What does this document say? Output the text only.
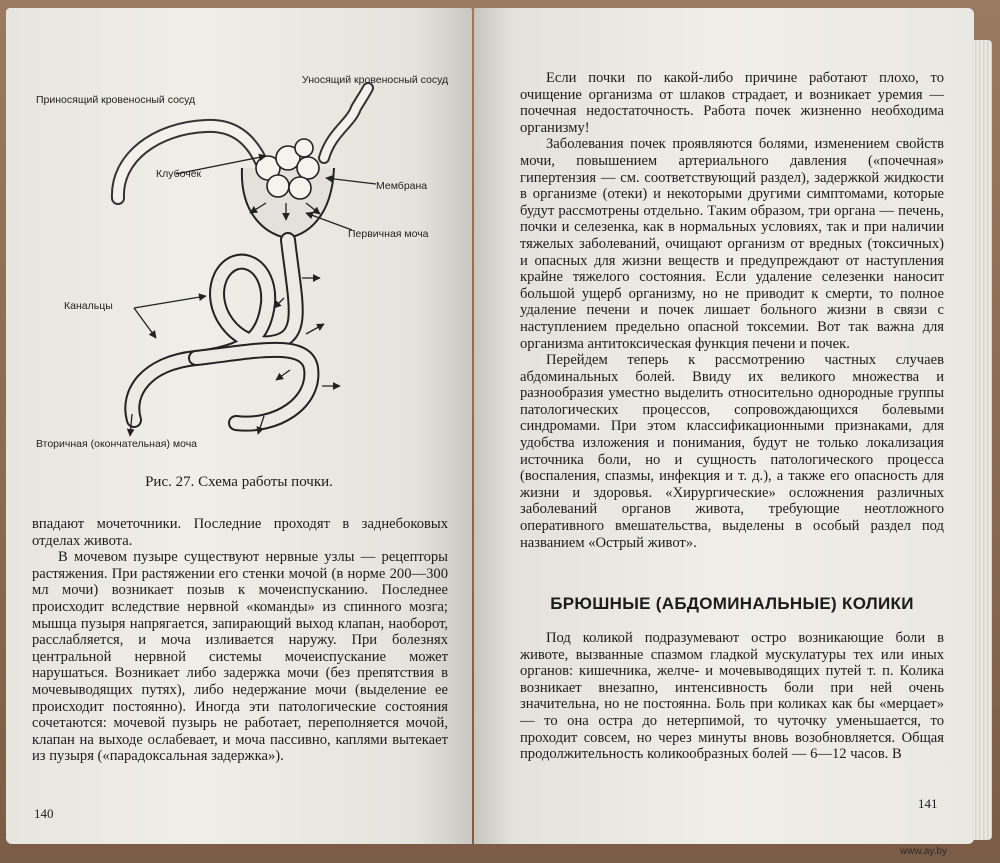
Приносящий кровеносный сосуд
Уносящий кровеносный сосуд
Клубочек
Мембрана
Первичная моча
Канальцы
Вторичная (окончательная) моча
Рис. 27. Схема работы почки.

впадают мочеточники. Последние проходят в заднебоковых отделах живота.

В мочевом пузыре существуют нервные узлы — рецепторы растяжения. При растяжении его стенки мочой (в норме 200—300 мл мочи) возникает позыв к мочеиспусканию. Последнее происходит вследствие нервной «команды» из спинного мозга; мышца пузыря напрягается, запирающий выход клапан, наоборот, расслабляется, и моча изливается наружу. При болезнях центральной нервной системы мочеиспускание может нарушаться. Возникает либо задержка мочи (без препятствия в мочевыводящих путях), либо недержание мочи (выделение ее происходит постоянно). Иногда эти патологические состояния сочетаются: мочевой пузырь не работает, переполняется мочой, клапан на выходе ослабевает, и моча пассивно, каплями вытекает из пузыря («парадоксальная задержка»).

140

Если почки по какой-либо причине работают плохо, то очищение организма от шлаков страдает, и возникает уремия — почечная недостаточность. Работа почек жизненно необходима организму!

Заболевания почек проявляются болями, изменением свойств мочи, повышением артериального давления («почечная» гипертензия — см. соответствующий раздел), задержкой жидкости в организме (отеки) и некоторыми другими симптомами, которые будут рассмотрены отдельно. Таким образом, три органа — печень, почки и селезенка, как в нормальных условиях, так и при наличии тяжелых заболеваний, очищают организм от вредных (токсичных) и опасных для жизни веществ и предупреждают от наступления крайне тяжелого состояния. Если удаление селезенки наносит большой ущерб организму, но не приводит к смерти, то полное удаление печени и почек лишает больного жизни в связи с наступлением предельно опасной токсемии. Вот так важна для организма антитоксическая функция печени и почек.

Перейдем теперь к рассмотрению частных случаев абдоминальных болей. Ввиду их великого множества и разнообразия уместно выделить относительно однородные группы патологических процессов, сопровождающихся болевыми синдромами. При этом классификационными признаками, для удобства изложения и понимания, будут не только локализация источника боли, но и сущность патологического процесса (воспаления, спазмы, инфекция и т. д.), а также его опасность для жизни и здоровья. «Хирургические» осложнения различных заболеваний органов живота, требующие неотложного оперативного вмешательства, выделены в особый раздел под названием «Острый живот».

БРЮШНЫЕ (АБДОМИНАЛЬНЫЕ) КОЛИКИ

Под коликой подразумевают остро возникающие боли в животе, вызванные спазмом гладкой мускулатуры тех или иных органов: кишечника, желче- и мочевыводящих путей т. п. Колика возникает внезапно, интенсивность боли при ней очень значительна, но не постоянна. Боль при коликах как бы «мерцает» — то она остра до нетерпимой, то чуточку уменьшается, то проходит совсем, но через минуты вновь возобновляется. Общая продолжительность коликообразных болей — 6—12 часов. В

141
www.ay.by
